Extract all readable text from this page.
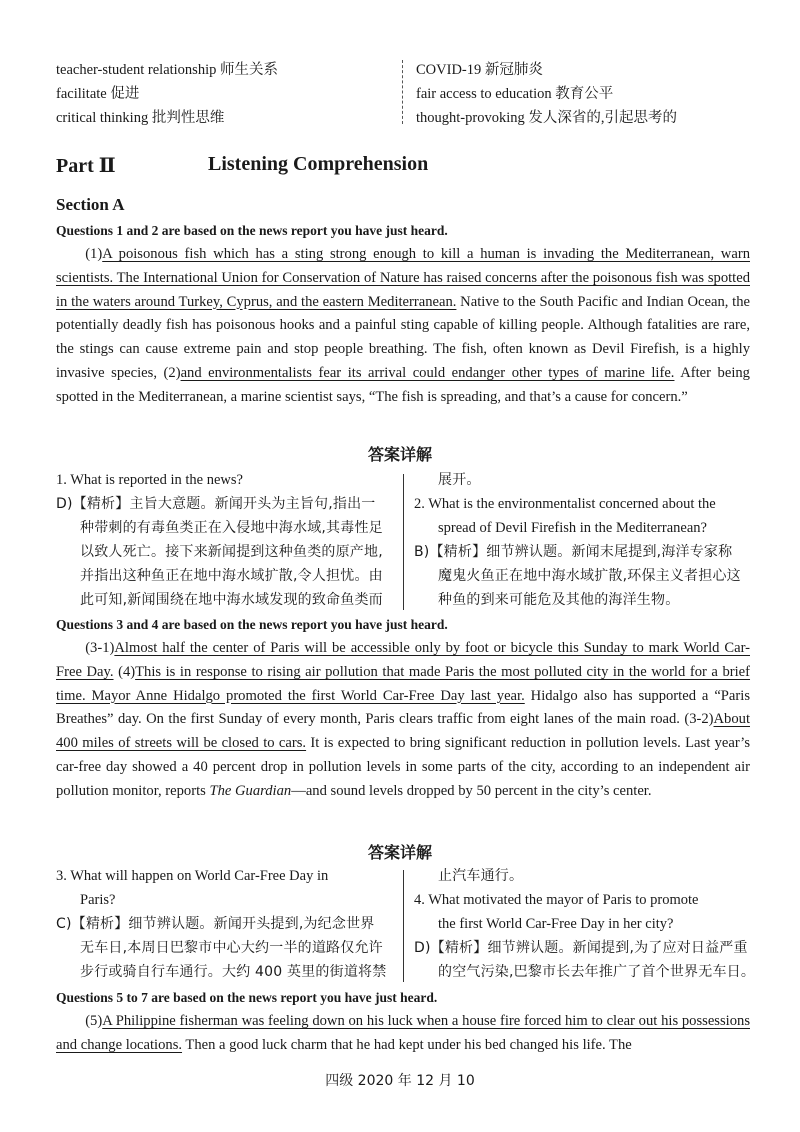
teacher-student relationship 师生关系
facilitate 促进
critical thinking 批判性思维
COVID-19 新冠肺炎
fair access to education 教育公平
thought-provoking 发人深省的,引起思考的
Part Ⅱ	Listening Comprehension
Section A
Questions 1 and 2 are based on the news report you have just heard.

(1)A poisonous fish which has a sting strong enough to kill a human is invading the Mediterranean, warn scientists. The International Union for Conservation of Nature has raised concerns after the poisonous fish was spotted in the waters around Turkey, Cyprus, and the eastern Mediterranean. Native to the South Pacific and Indian Ocean, the potentially deadly fish has poisonous hooks and a painful sting capable of killing people. Although fatalities are rare, the stings can cause extreme pain and stop people breathing. The fish, often known as Devil Firefish, is a highly invasive species, (2)and environmentalists fear its arrival could endanger other types of marine life. After being spotted in the Mediterranean, a marine scientist says, “The fish is spreading, and that’s a cause for concern.”

答案详解
1. What is reported in the news?
D)【精析】主旨大意题。新闻开头为主旨句,指出一
种带刺的有毒鱼类正在入侵地中海水域,其毒性足
以致人死亡。接下来新闻提到这种鱼类的原产地,
并指出这种鱼正在地中海水域扩散,令人担忧。由
此可知,新闻围绕在地中海水域发现的致命鱼类而
展开。
2. What is the environmentalist concerned about the
spread of Devil Firefish in the Mediterranean?
B)【精析】细节辨认题。新闻末尾提到,海洋专家称
魔鬼火鱼正在地中海水域扩散,环保主义者担心这
种鱼的到来可能危及其他的海洋生物。
Questions 3 and 4 are based on the news report you have just heard.

(3-1)Almost half the center of Paris will be accessible only by foot or bicycle this Sunday to mark World Car-Free Day. (4)This is in response to rising air pollution that made Paris the most polluted city in the world for a brief time. Mayor Anne Hidalgo promoted the first World Car-Free Day last year. Hidalgo also has supported a “Paris Breathes” day. On the first Sunday of every month, Paris clears traffic from eight lanes of the main road. (3-2)About 400 miles of streets will be closed to cars. It is expected to bring significant reduction in pollution levels. Last year’s car-free day showed a 40 percent drop in pollution levels in some parts of the city, according to an independent air pollution monitor, reports The Guardian—and sound levels dropped by 50 percent in the city’s center.

答案详解
3. What will happen on World Car-Free Day in
Paris?
C)【精析】细节辨认题。新闻开头提到,为纪念世界
无车日,本周日巴黎市中心大约一半的道路仅允许
步行或骑自行车通行。大约 400 英里的街道将禁
止汽车通行。
4. What motivated the mayor of Paris to promote
the first World Car-Free Day in her city?
D)【精析】细节辨认题。新闻提到,为了应对日益严重
的空气污染,巴黎市长去年推广了首个世界无车日。
Questions 5 to 7 are based on the news report you have just heard.

(5)A Philippine fisherman was feeling down on his luck when a house fire forced him to clear out his possessions and change locations. Then a good luck charm that he had kept under his bed changed his life. The

四级 2020 年 12 月 10
